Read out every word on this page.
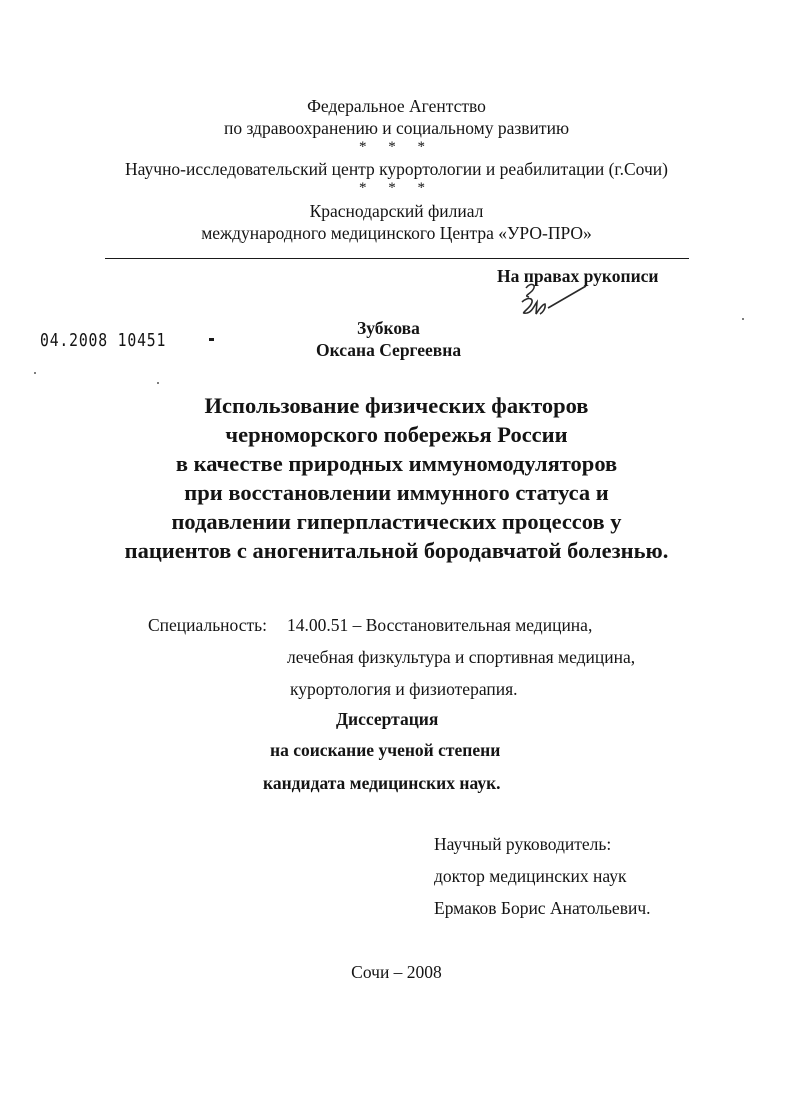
Федеральное Агентство
по здравоохранению и социальному развитию
* * *
Научно-исследовательский центр курортологии и реабилитации (г.Сочи)
* * *
Краснодарский филиал
международного медицинского Центра «УРО-ПРО»
На правах рукописи
04.2008 10451
Зубкова
Оксана Сергеевна
Использование физических факторов
черноморского побережья России
в качестве природных иммуномодуляторов
при восстановлении иммунного статуса и
подавлении гиперпластических процессов у
пациентов с аногенитальной бородавчатой болезнью.
Специальность: 14.00.51 – Восстановительная медицина,
лечебная физкультура и спортивная медицина,
курортология и физиотерапия.
Диссертация
на соискание ученой степени
кандидата медицинских наук.
Научный руководитель:
доктор медицинских наук
Ермаков Борис Анатольевич.
Сочи – 2008
